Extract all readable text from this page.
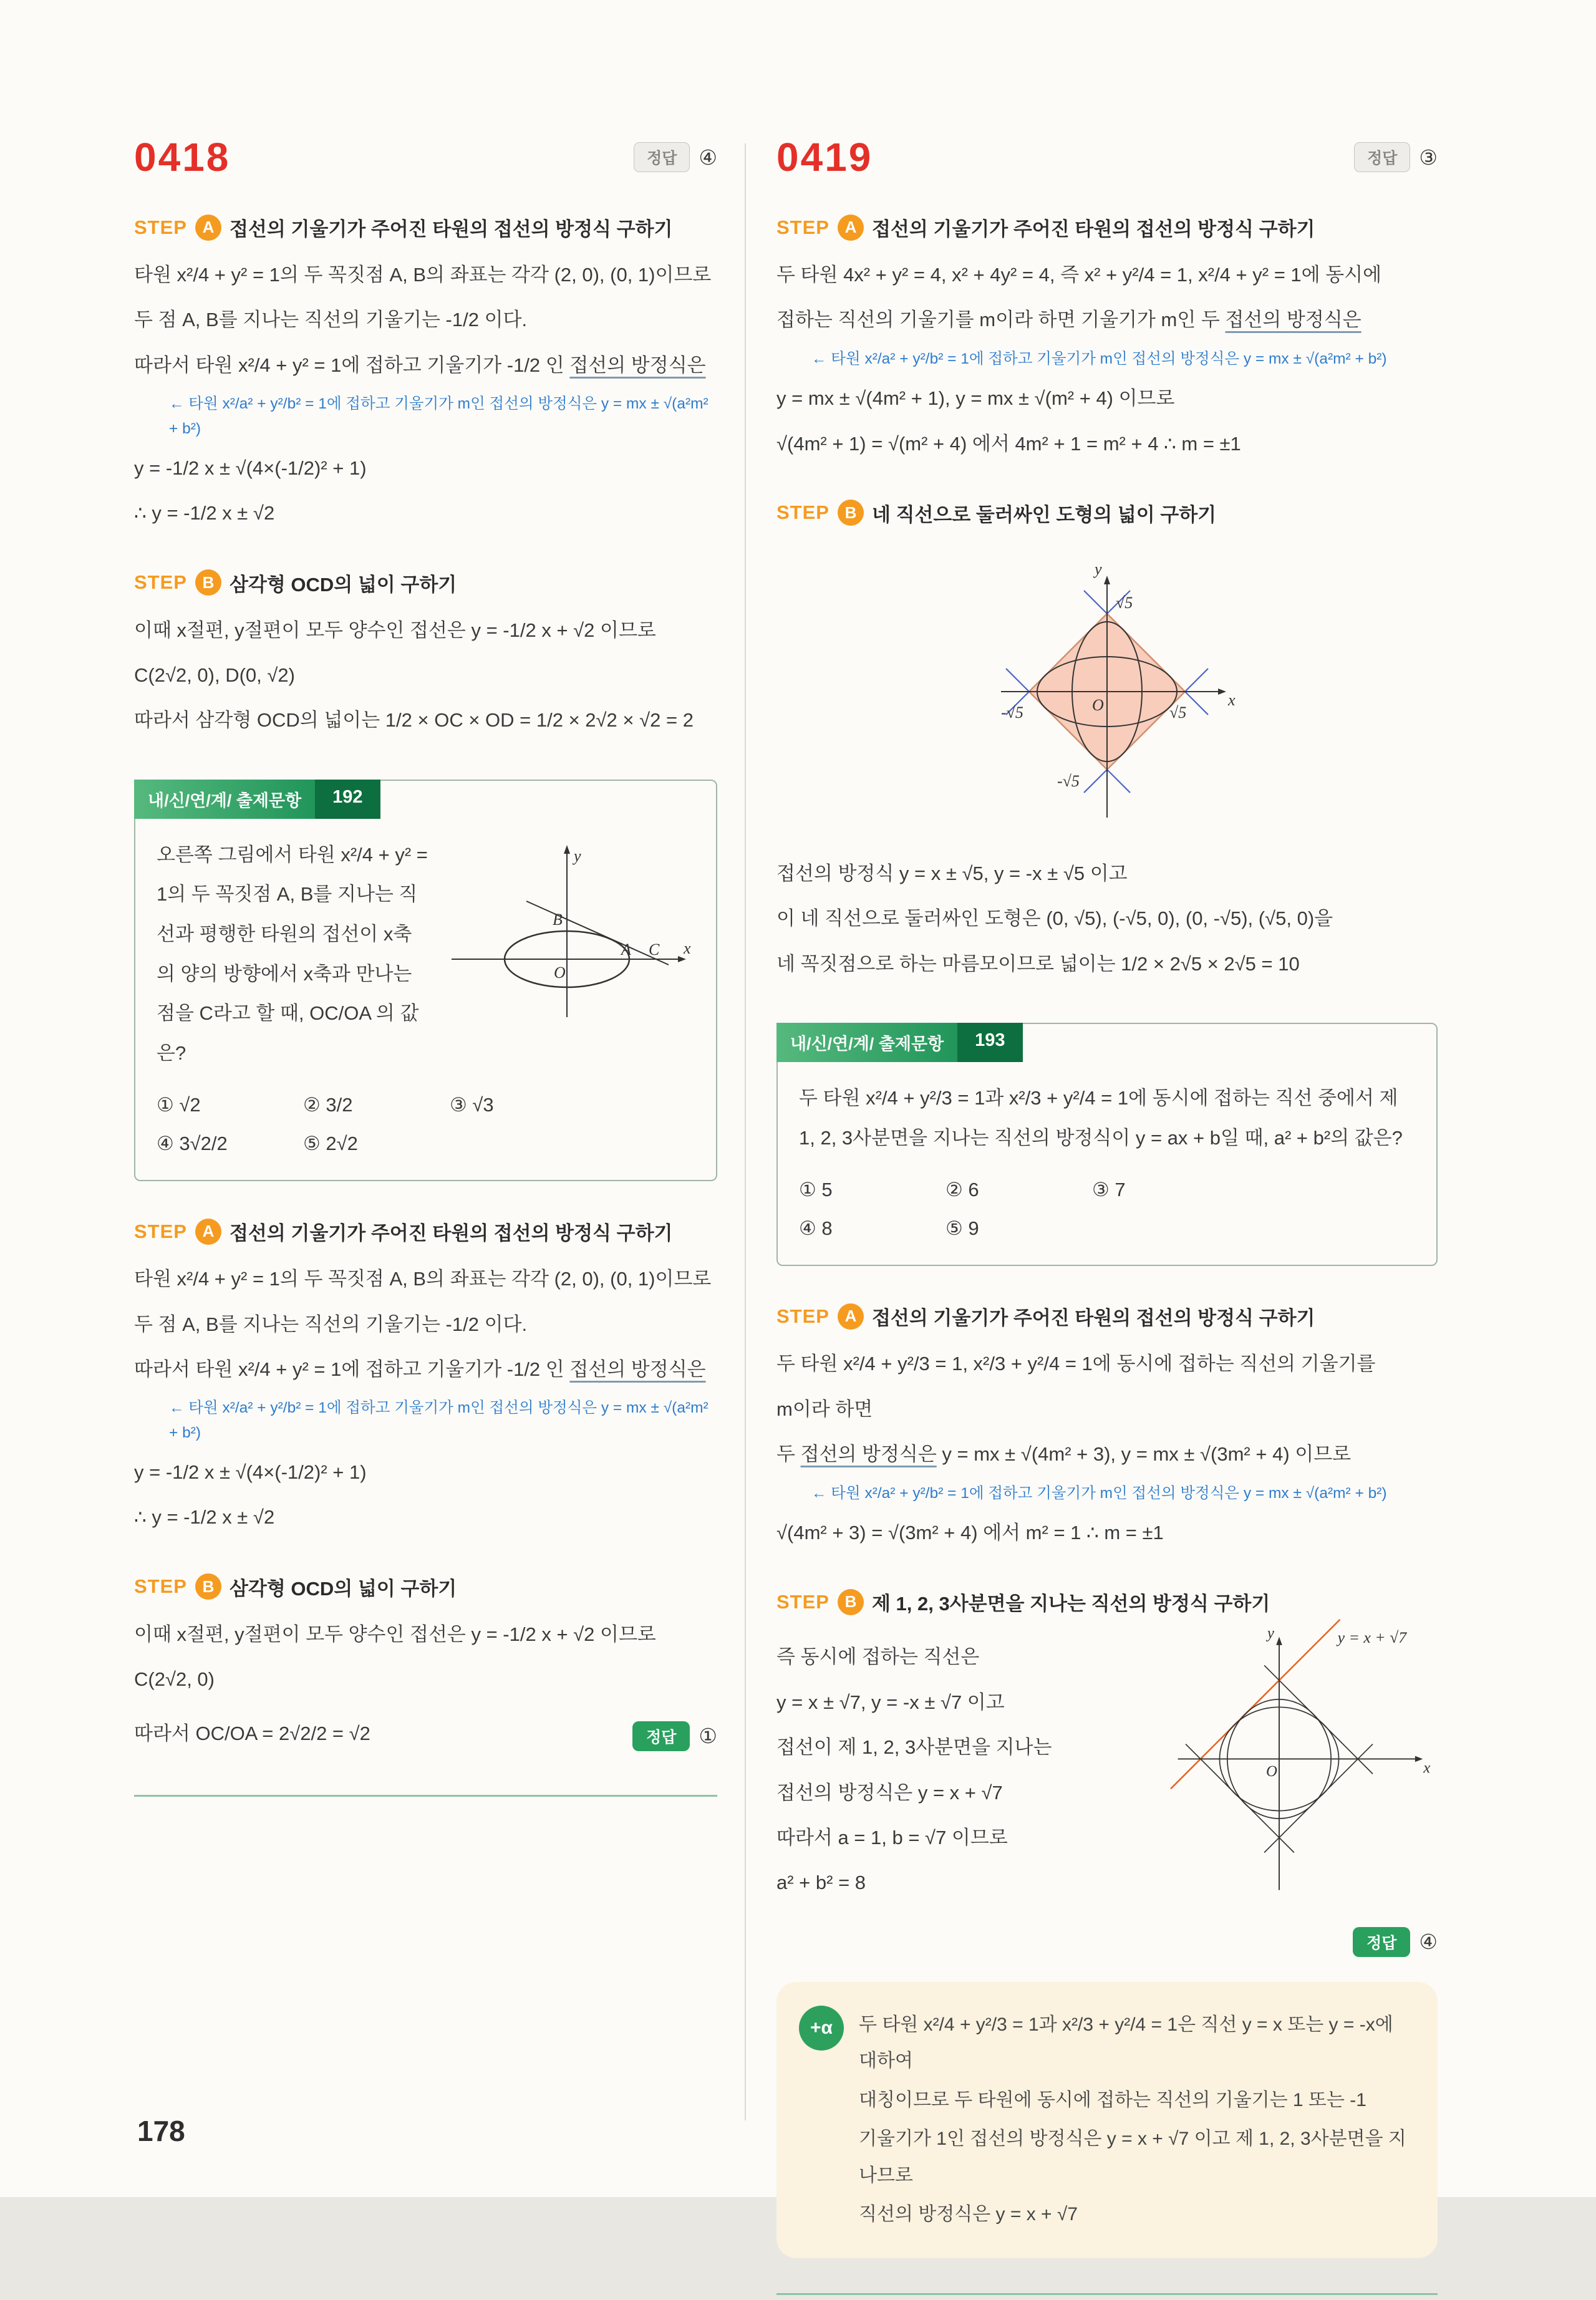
0418	정답	④
STEP A 접선의 기울기가 주어진 타원의 접선의 방정식 구하기
타원 x²/4 + y² = 1의 두 꼭짓점 A, B의 좌표는 각각 (2, 0), (0, 1)이므로
두 점 A, B를 지나는 직선의 기울기는 -1/2 이다.

따라서 타원 x²/4 + y² = 1에 접하고 기울기가 -1/2 인 접선의 방정식은

← 타원 x²/a² + y²/b² = 1에 접하고 기울기가 m인 접선의 방정식은 y = mx ± √(a²m² + b²)

y = -1/2 x ± √(4×(-1/2)² + 1)
∴ y = -1/2 x ± √2
STEP B 삼각형 OCD의 넓이 구하기
이때 x절편, y절편이 모두 양수인 접선은 y = -1/2 x + √2 이므로
C(2√2, 0), D(0, √2)
따라서 삼각형 OCD의 넓이는 1/2 × OC × OD = 1/2 × 2√2 × √2 = 2
내/신/연/계/ 출제문항	192
y
x
B
O
A C
오른쪽 그림에서 타원 x²/4 + y² = 1의 두 꼭짓점 A, B를 지나는 직선과 평행한 타원의 접선이 x축의 양의 방향에서 x축과 만나는 점을 C라고 할 때, OC/OA 의 값은?
① √2	② 3/2	③ √3
④ 3√2/2	⑤ 2√2
STEP A 접선의 기울기가 주어진 타원의 접선의 방정식 구하기
타원 x²/4 + y² = 1의 두 꼭짓점 A, B의 좌표는 각각 (2, 0), (0, 1)이므로
두 점 A, B를 지나는 직선의 기울기는 -1/2 이다.

따라서 타원 x²/4 + y² = 1에 접하고 기울기가 -1/2 인 접선의 방정식은

← 타원 x²/a² + y²/b² = 1에 접하고 기울기가 m인 접선의 방정식은 y = mx ± √(a²m² + b²)

y = -1/2 x ± √(4×(-1/2)² + 1)
∴ y = -1/2 x ± √2
STEP B 삼각형 OCD의 넓이 구하기
이때 x절편, y절편이 모두 양수인 접선은 y = -1/2 x + √2 이므로
C(2√2, 0)
따라서 OC/OA = 2√2/2 = √2	정답	①
0419	정답	③
STEP A 접선의 기울기가 주어진 타원의 접선의 방정식 구하기

두 타원 4x² + y² = 4, x² + 4y² = 4, 즉 x² + y²/4 = 1, x²/4 + y² = 1에 동시에

접하는 직선의 기울기를 m이라 하면 기울기가 m인 두 접선의 방정식은

← 타원 x²/a² + y²/b² = 1에 접하고 기울기가 m인 접선의 방정식은 y = mx ± √(a²m² + b²)

y = mx ± √(4m² + 1), y = mx ± √(m² + 4) 이므로
√(4m² + 1) = √(m² + 4) 에서 4m² + 1 = m² + 4 ∴ m = ±1
STEP B 네 직선으로 둘러싸인 도형의 넓이 구하기
y
x
√5
√5
-√5
-√5
O
접선의 방정식 y = x ± √5, y = -x ± √5 이고
이 네 직선으로 둘러싸인 도형은 (0, √5), (-√5, 0), (0, -√5), (√5, 0)을
네 꼭짓점으로 하는 마름모이므로 넓이는 1/2 × 2√5 × 2√5 = 10
내/신/연/계/ 출제문항	193
두 타원 x²/4 + y²/3 = 1과 x²/3 + y²/4 = 1에 동시에 접하는 직선 중에서 제 1, 2, 3사분면을 지나는 직선의 방정식이 y = ax + b일 때, a² + b²의 값은?
① 5	② 6	③ 7
④ 8	⑤ 9
STEP A 접선의 기울기가 주어진 타원의 접선의 방정식 구하기
두 타원 x²/4 + y²/3 = 1, x²/3 + y²/4 = 1에 동시에 접하는 직선의 기울기를
m이라 하면

두 접선의 방정식은 y = mx ± √(4m² + 3), y = mx ± √(3m² + 4) 이므로

← 타원 x²/a² + y²/b² = 1에 접하고 기울기가 m인 접선의 방정식은 y = mx ± √(a²m² + b²)

√(4m² + 3) = √(3m² + 4) 에서 m² = 1 ∴ m = ±1
STEP B 제 1, 2, 3사분면을 지나는 직선의 방정식 구하기
즉 동시에 접하는 직선은
y = x ± √7, y = -x ± √7 이고
접선이 제 1, 2, 3사분면을 지나는
접선의 방정식은 y = x + √7
따라서 a = 1, b = √7 이므로
a² + b² = 8
y
x
O
y = x + √7
정답	④
+α	두 타원 x²/4 + y²/3 = 1과 x²/3 + y²/4 = 1은 직선 y = x 또는 y = -x에 대하여
대칭이므로 두 타원에 동시에 접하는 직선의 기울기는 1 또는 -1
기울기가 1인 접선의 방정식은 y = x + √7 이고 제 1, 2, 3사분면을 지나므로
직선의 방정식은 y = x + √7
178
